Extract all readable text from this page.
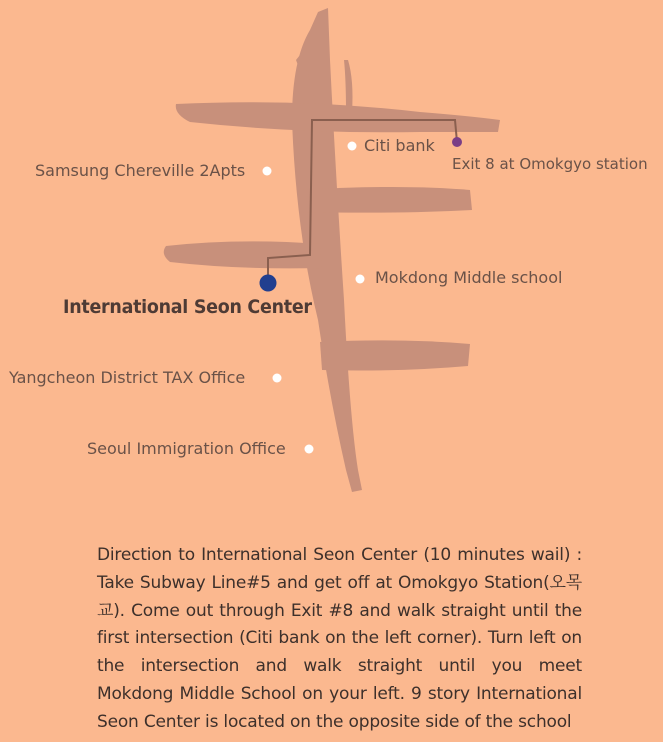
Samsung Chereville 2Apts
Citi bank
Exit 8 at Omokgyo station
Mokdong Middle school
Yangcheon District TAX Office
Seoul Immigration Office
International Seon Center
Direction to International Seon Center (10 minutes wail) : Take Subway Line#5 and get off at Omokgyo Station(오목교). Come out through Exit #8 and walk straight until the first intersection (Citi bank on the left corner). Turn left on the intersection and walk straight until you meet Mokdong Middle School on your left. 9 story International Seon Center is located on the opposite side of the school
